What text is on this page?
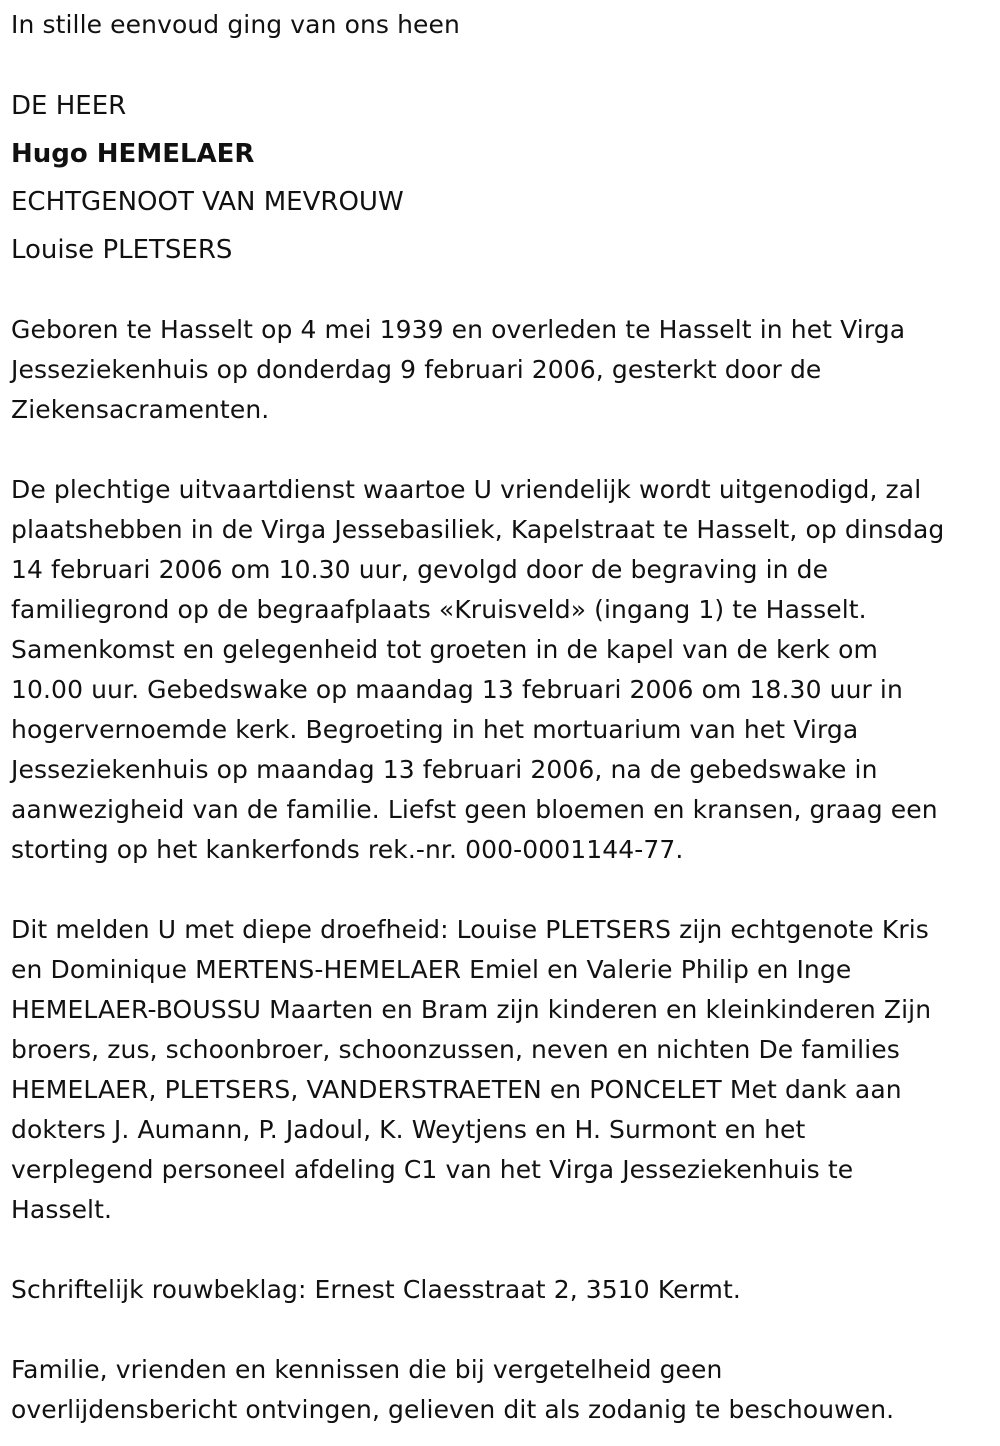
In stille eenvoud ging van ons heen
DE HEER
Hugo HEMELAER
ECHTGENOOT VAN MEVROUW
Louise PLETSERS
Geboren te Hasselt op 4 mei 1939 en overleden te Hasselt in het Virga
Jesseziekenhuis op donderdag 9 februari 2006, gesterkt door de
Ziekensacramenten.
De plechtige uitvaartdienst waartoe U vriendelijk wordt uitgenodigd, zal
plaatshebben in de Virga Jessebasiliek, Kapelstraat te Hasselt, op dinsdag
14 februari 2006 om 10.30 uur, gevolgd door de begraving in de
familiegrond op de begraafplaats «Kruisveld» (ingang 1) te Hasselt.
Samenkomst en gelegenheid tot groeten in de kapel van de kerk om
10.00 uur. Gebedswake op maandag 13 februari 2006 om 18.30 uur in
hogervernoemde kerk. Begroeting in het mortuarium van het Virga
Jesseziekenhuis op maandag 13 februari 2006, na de gebedswake in
aanwezigheid van de familie. Liefst geen bloemen en kransen, graag een
storting op het kankerfonds rek.-nr. 000-0001144-77.
Dit melden U met diepe droefheid: Louise PLETSERS zijn echtgenote Kris
en Dominique MERTENS-HEMELAER Emiel en Valerie Philip en Inge
HEMELAER-BOUSSU Maarten en Bram zijn kinderen en kleinkinderen Zijn
broers, zus, schoonbroer, schoonzussen, neven en nichten De families
HEMELAER, PLETSERS, VANDERSTRAETEN en PONCELET Met dank aan
dokters J. Aumann, P. Jadoul, K. Weytjens en H. Surmont en het
verplegend personeel afdeling C1 van het Virga Jesseziekenhuis te
Hasselt.
Schriftelijk rouwbeklag: Ernest Claesstraat 2, 3510 Kermt.
Familie, vrienden en kennissen die bij vergetelheid geen
overlijdensbericht ontvingen, gelieven dit als zodanig te beschouwen.
